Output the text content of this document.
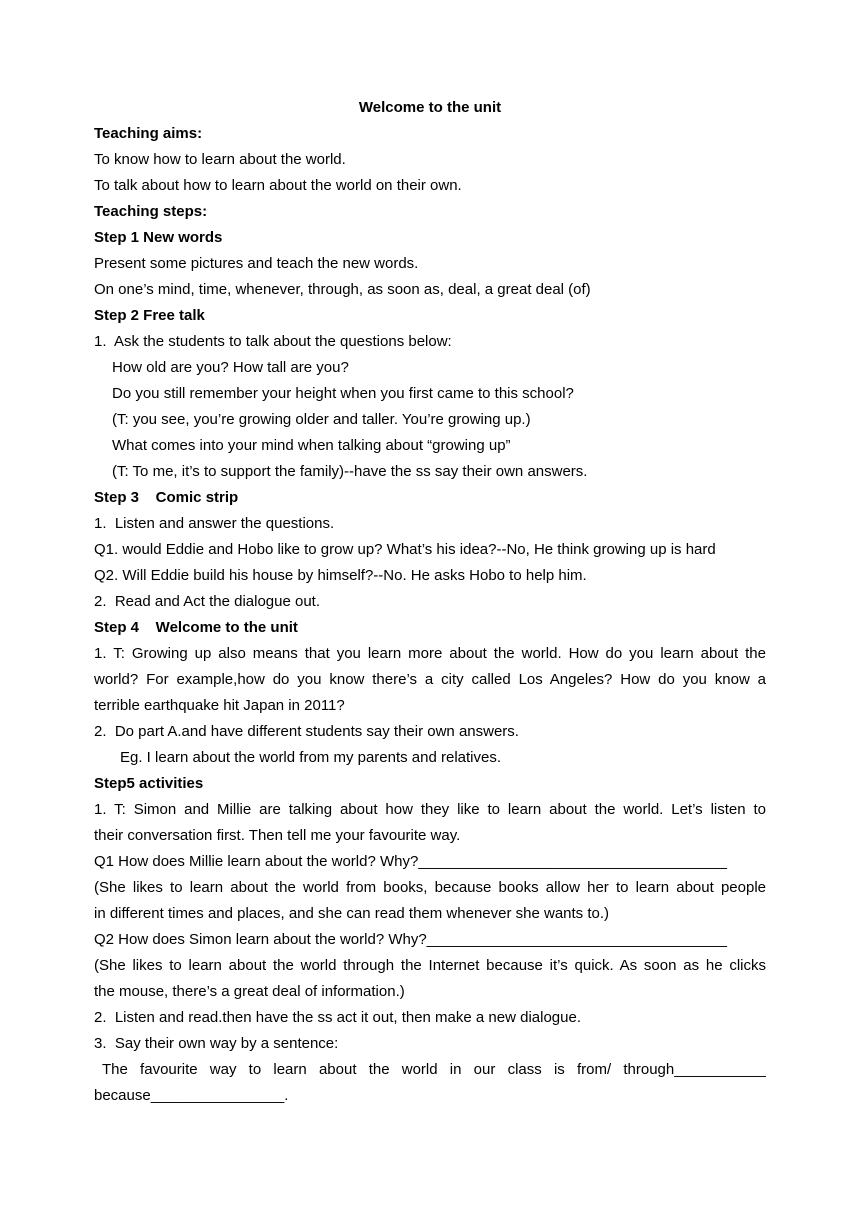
Welcome to the unit
Teaching aims:
To know how to learn about the world.
To talk about how to learn about the world on their own.
Teaching steps:
Step 1 New words
Present some pictures and teach the new words.
On one’s mind, time, whenever, through, as soon as, deal, a great deal (of)
Step 2 Free talk
1.  Ask the students to talk about the questions below:
How old are you? How tall are you?
Do you still remember your height when you first came to this school?
(T: you see, you’re growing older and taller. You’re growing up.)
What comes into your mind when talking about “growing up”
(T: To me, it’s to support the family)--have the ss say their own answers.
Step 3    Comic strip
1.  Listen and answer the questions.
Q1. would Eddie and Hobo like to grow up? What’s his idea?--No, He think growing up is hard
Q2. Will Eddie build his house by himself?--No. He asks Hobo to help him.
2.  Read and Act the dialogue out.
Step 4    Welcome to the unit
1. T: Growing up also means that you learn more about the world. How do you learn about the
world? For example,how do you know there’s a city called Los Angeles? How do you know a
terrible earthquake hit Japan in 2011?
2.  Do part A.and have different students say their own answers.
Eg. I learn about the world from my parents and relatives.
Step5 activities
1. T: Simon and Millie are talking about how they like to learn about the world. Let’s listen to
their conversation first. Then tell me your favourite way.
Q1 How does Millie learn about the world? Why?_____________________________________
(She likes to learn about the world from books, because books allow her to learn about people
in different times and places, and she can read them whenever she wants to.)
Q2 How does Simon learn about the world? Why?____________________________________
(She likes to learn about the world through the Internet because it’s quick. As soon as he clicks
the mouse, there’s a great deal of information.)
2.  Listen and read.then have the ss act it out, then make a new dialogue.
3.  Say their own way by a sentence:
The favourite way to learn about the world in our class is from/ through___________
because________________.
